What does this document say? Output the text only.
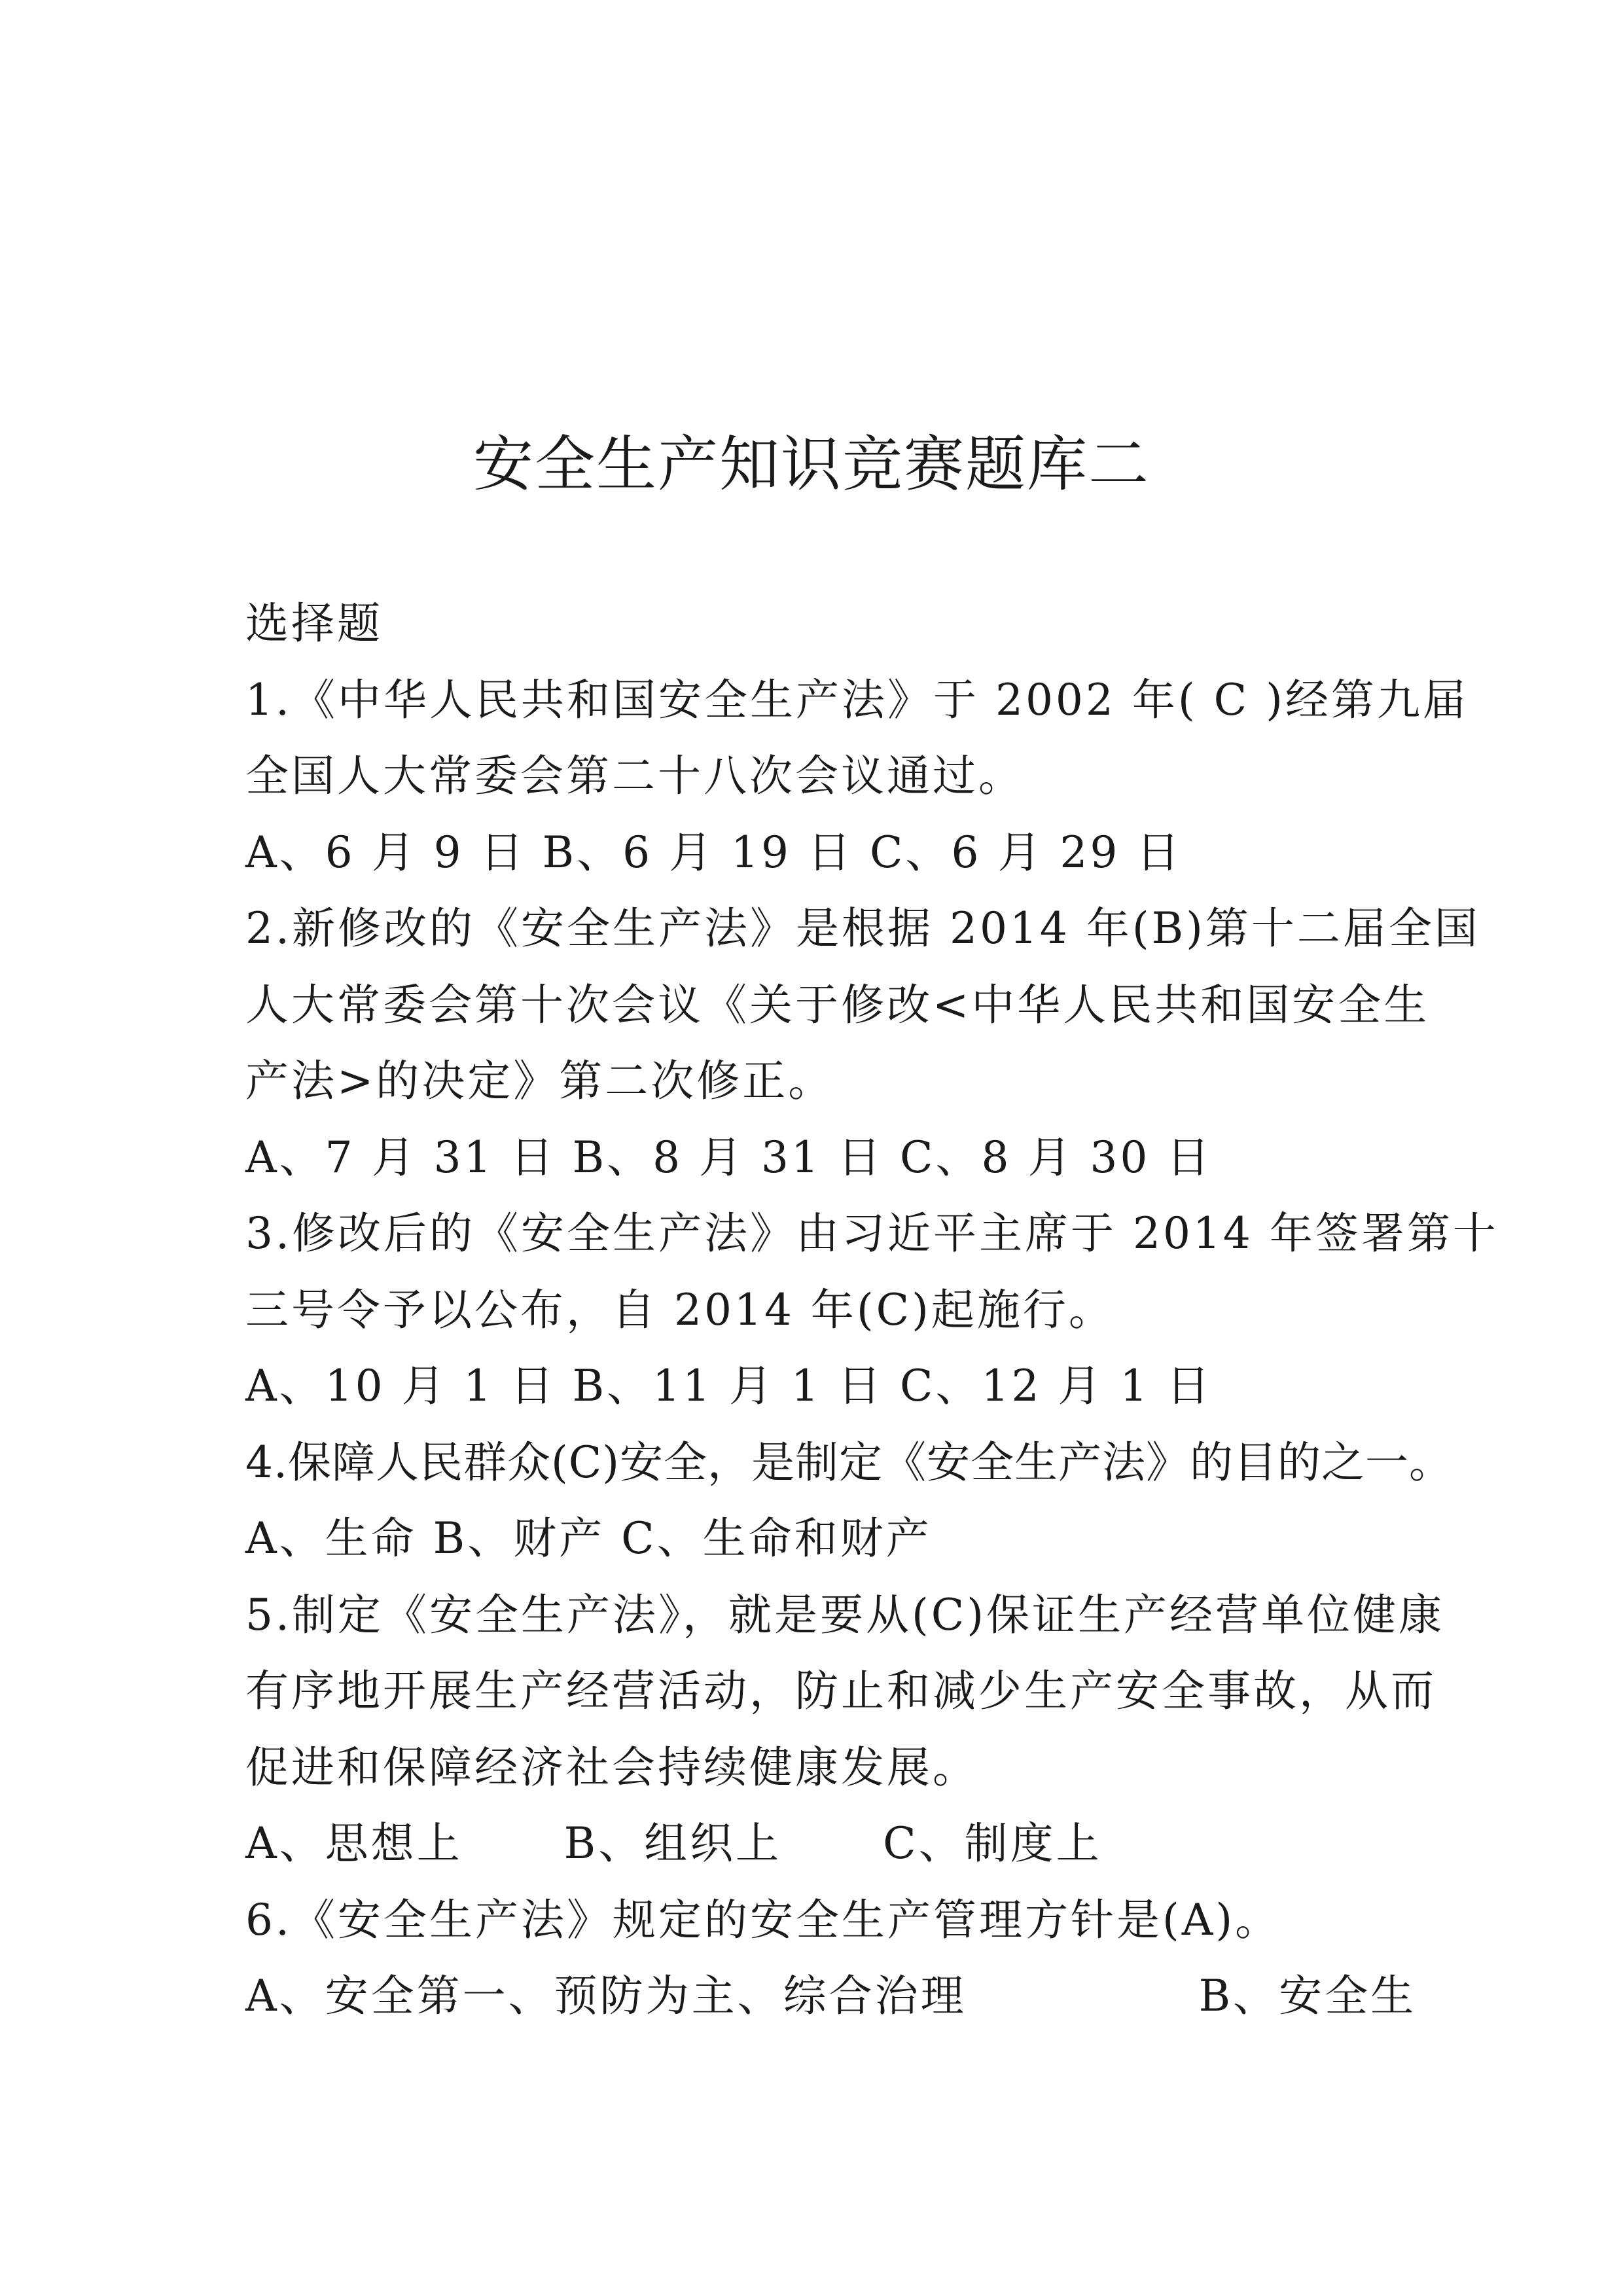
安全生产知识竞赛题库二
选择题
1.《中华人民共和国安全生产法》于 2002 年( C )经第九届
全国人大常委会第二十八次会议通过。
A、6 月 9 日 B、6 月 19 日 C、6 月 29 日
2.新修改的《安全生产法》是根据 2014 年(B)第十二届全国
人大常委会第十次会议《关于修改<中华人民共和国安全生
产法>的决定》第二次修正。
A、7 月 31 日 B、8 月 31 日 C、8 月 30 日
3.修改后的《安全生产法》由习近平主席于 2014 年签署第十
三号令予以公布，自 2014 年(C)起施行。
A、10 月 1 日 B、11 月 1 日 C、12 月 1 日
4.保障人民群众(C)安全，是制定《安全生产法》的目的之一。
A、生命 B、财产 C、生命和财产
5.制定《安全生产法》，就是要从(C)保证生产经营单位健康
有序地开展生产经营活动，防止和减少生产安全事故，从而
促进和保障经济社会持续健康发展。
A、思想上 B、组织上 C、制度上
6.《安全生产法》规定的安全生产管理方针是(A)。
A、安全第一、预防为主、综合治理	B、安全生
